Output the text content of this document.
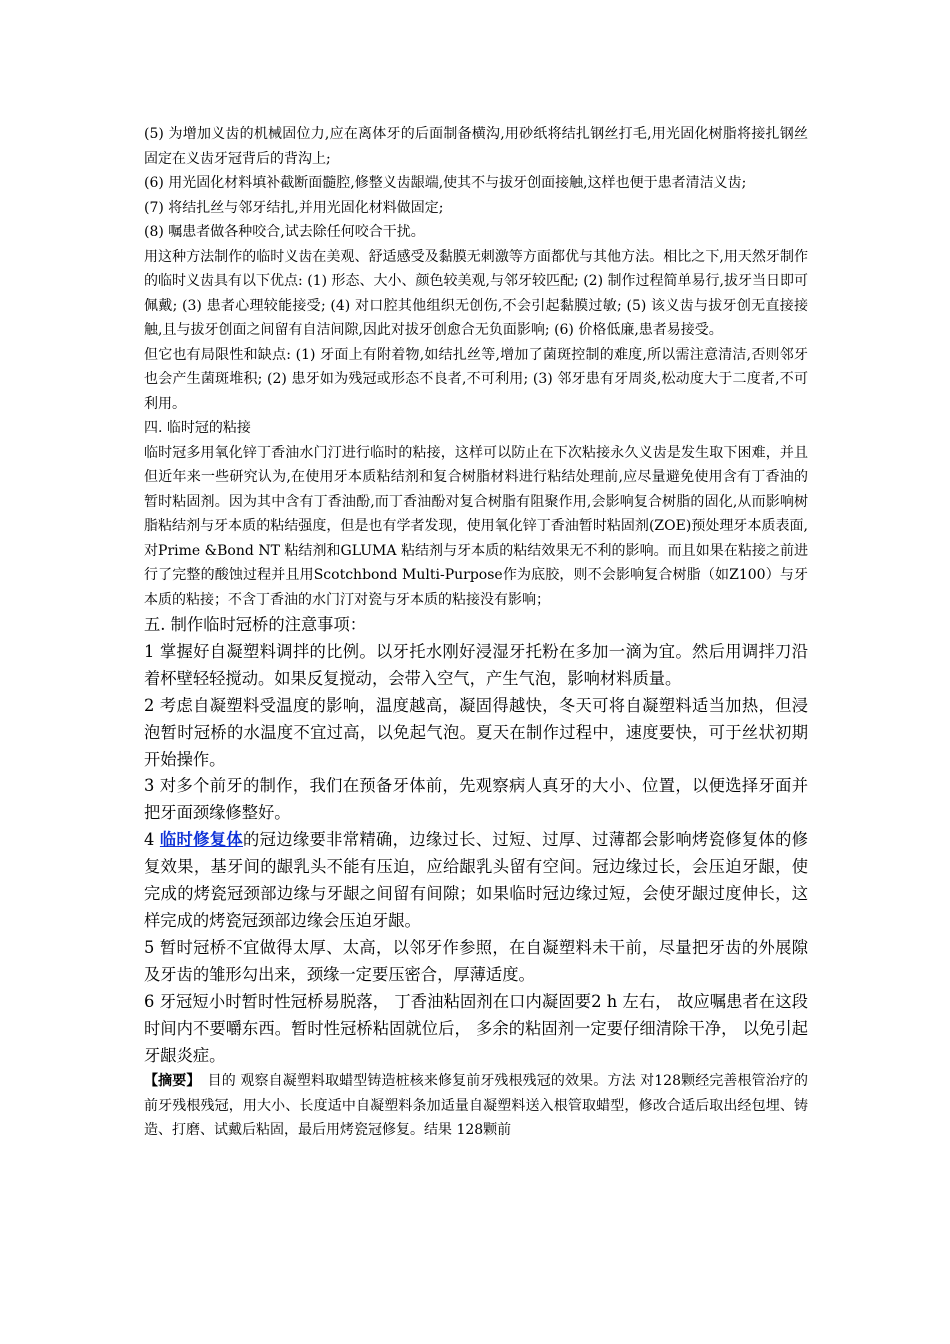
(5) 为增加义齿的机械固位力,应在离体牙的后面制备横沟,用砂纸将结扎钢丝打毛,用光固化树脂将接扎钢丝固定在义齿牙冠背后的背沟上;

(6) 用光固化材料填补截断面髓腔,修整义齿龈端,使其不与拔牙创面接触,这样也便于患者清洁义齿;

(7) 将结扎丝与邻牙结扎,并用光固化材料做固定;

(8) 嘱患者做各种咬合,试去除任何咬合干扰。

用这种方法制作的临时义齿在美观、舒适感受及黏膜无刺激等方面都优与其他方法。相比之下,用天然牙制作的临时义齿具有以下优点: (1) 形态、大小、颜色较美观,与邻牙较匹配; (2) 制作过程简单易行,拔牙当日即可佩戴; (3) 患者心理较能接受; (4) 对口腔其他组织无创伤,不会引起黏膜过敏; (5) 该义齿与拔牙创无直接接触,且与拔牙创面之间留有自洁间隙,因此对拔牙创愈合无负面影响; (6) 价格低廉,患者易接受。

但它也有局限性和缺点: (1) 牙面上有附着物,如结扎丝等,增加了菌斑控制的难度,所以需注意清洁,否则邻牙也会产生菌斑堆积; (2) 患牙如为残冠或形态不良者,不可利用; (3) 邻牙患有牙周炎,松动度大于二度者,不可利用。

四. 临时冠的粘接

临时冠多用氧化锌丁香油水门汀进行临时的粘接，这样可以防止在下次粘接永久义齿是发生取下困难，并且但近年来一些研究认为,在使用牙本质粘结剂和复合树脂材料进行粘结处理前,应尽量避免使用含有丁香油的暂时粘固剂。因为其中含有丁香油酚,而丁香油酚对复合树脂有阻聚作用,会影响复合树脂的固化,从而影响树脂粘结剂与牙本质的粘结强度，但是也有学者发现，使用氧化锌丁香油暂时粘固剂(ZOE)预处理牙本质表面,对Prime &Bond NT 粘结剂和GLUMA 粘结剂与牙本质的粘结效果无不利的影响。而且如果在粘接之前进行了完整的酸蚀过程并且用Scotchbond Multi-Purpose作为底胶，则不会影响复合树脂（如Z100）与牙本质的粘接；不含丁香油的水门汀对瓷与牙本质的粘接没有影响；

五. 制作临时冠桥的注意事项：

1 掌握好自凝塑料调拌的比例。以牙托水刚好浸湿牙托粉在多加一滴为宜。然后用调拌刀沿着杯壁轻轻搅动。如果反复搅动，会带入空气，产生气泡，影响材料质量。

2 考虑自凝塑料受温度的影响，温度越高，凝固得越快，冬天可将自凝塑料适当加热，但浸泡暂时冠桥的水温度不宜过高，以免起气泡。夏天在制作过程中，速度要快，可于丝状初期开始操作。

3 对多个前牙的制作，我们在预备牙体前，先观察病人真牙的大小、位置，以便选择牙面并把牙面颈缘修整好。

4 临时修复体的冠边缘要非常精确，边缘过长、过短、过厚、过薄都会影响烤瓷修复体的修复效果，基牙间的龈乳头不能有压迫，应给龈乳头留有空间。冠边缘过长，会压迫牙龈，使完成的烤瓷冠颈部边缘与牙龈之间留有间隙；如果临时冠边缘过短，会使牙龈过度伸长，这样完成的烤瓷冠颈部边缘会压迫牙龈。

5 暂时冠桥不宜做得太厚、太高，以邻牙作参照，在自凝塑料未干前，尽量把牙齿的外展隙及牙齿的雏形勾出来，颈缘一定要压密合，厚薄适度。

6 牙冠短小时暂时性冠桥易脱落， 丁香油粘固剂在口内凝固要2 h 左右， 故应嘱患者在这段时间内不要嚼东西。暂时性冠桥粘固就位后， 多余的粘固剂一定要仔细清除干净， 以免引起牙龈炎症。

【摘要】　目的 观察自凝塑料取蜡型铸造桩核来修复前牙残根残冠的效果。方法 对128颗经完善根管治疗的前牙残根残冠，用大小、长度适中自凝塑料条加适量自凝塑料送入根管取蜡型，修改合适后取出经包埋、铸造、打磨、试戴后粘固，最后用烤瓷冠修复。结果 128颗前
